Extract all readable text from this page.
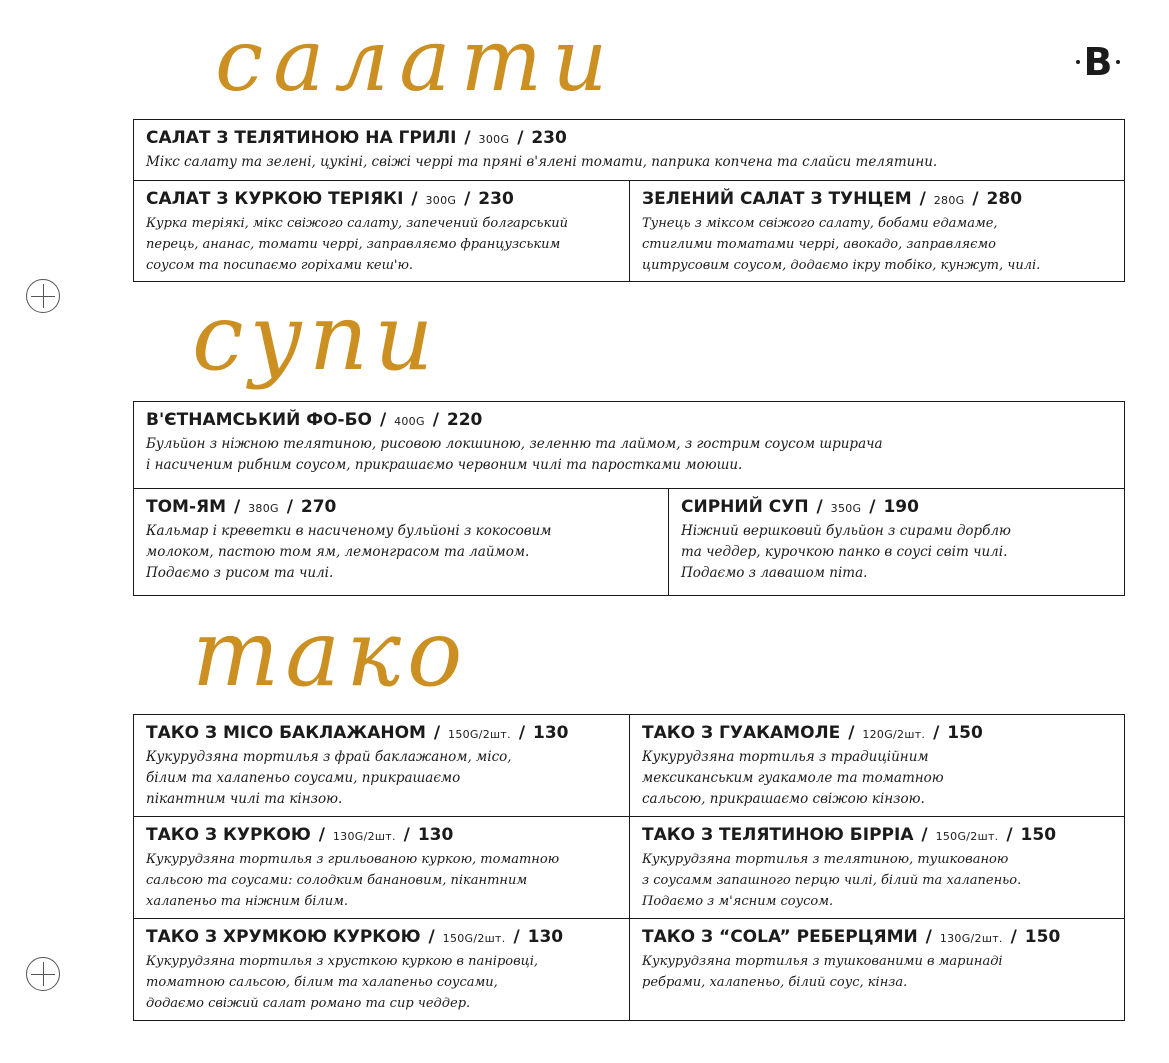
салати
супи
тако
B
САЛАТ З ТЕЛЯТИНОЮ НА ГРИЛІ / 300G / 230
Мікс салату та зелені, цукіні, свіжі черрі та пряні в'ялені томати, паприка копчена та слайси телятини.
САЛАТ З КУРКОЮ ТЕРІЯКІ / 300G / 230
Курка теріякі, мікс свіжого салату, запечений болгарський
перець, ананас, томати черрі, заправляємо французським
соусом та посипаємо горіхами кеш'ю.
ЗЕЛЕНИЙ САЛАТ З ТУНЦЕМ / 280G / 280
Тунець з міксом свіжого салату, бобами едамаме,
стиглими томатами черрі, авокадо, заправляємо
цитрусовим соусом, додаємо ікру тобіко, кунжут, чилі.
В'ЄТНАМСЬКИЙ ФО-БО / 400G / 220
Бульйон з ніжною телятиною, рисовою локшиною, зеленню та лаймом, з гострим соусом шрирача
і насиченим рибним соусом, прикрашаємо червоним чилі та паростками моюши.
ТОМ-ЯМ / 380G / 270
Кальмар і креветки в насиченому бульйоні з кокосовим
молоком, пастою том ям, лемонграсом та лаймом.
Подаємо з рисом та чилі.
СИРНИЙ СУП / 350G / 190
Ніжний вершковий бульйон з сирами дорблю
та чеддер, курочкою панко в соусі світ чилі.
Подаємо з лавашом піта.
ТАКО З МІСО БАКЛАЖАНОМ / 150G/2шт. / 130
Кукурудзяна тортилья з фрай баклажаном, місо,
білим та халапеньо соусами, прикрашаємо
пікантним чилі та кінзою.
ТАКО З ГУАКАМОЛЕ / 120G/2шт. / 150
Кукурудзяна тортилья з традиційним
мексиканським гуакамоле та томатною
сальсою, прикрашаємо свіжою кінзою.
ТАКО З КУРКОЮ / 130G/2шт. / 130
Кукурудзяна тортилья з грильованою куркою, томатною
сальсою та соусами: солодким банановим, пікантним
халапеньо та ніжним білим.
ТАКО З ТЕЛЯТИНОЮ БІРРІА / 150G/2шт. / 150
Кукурудзяна тортилья з телятиною, тушкованою
з соусамм запашного перцю чилі, білий та халапеньо.
Подаємо з м'ясним соусом.
ТАКО З ХРУМКОЮ КУРКОЮ / 150G/2шт. / 130
Кукурудзяна тортилья з хрусткою куркою в паніровці,
томатною сальсою, білим та халапеньо соусами,
додаємо свіжий салат романо та сир чеддер.
ТАКО З “COLA” РЕБЕРЦЯМИ / 130G/2шт. / 150
Кукурудзяна тортилья з тушкованими в маринаді
ребрами, халапеньо, білий соус, кінза.
